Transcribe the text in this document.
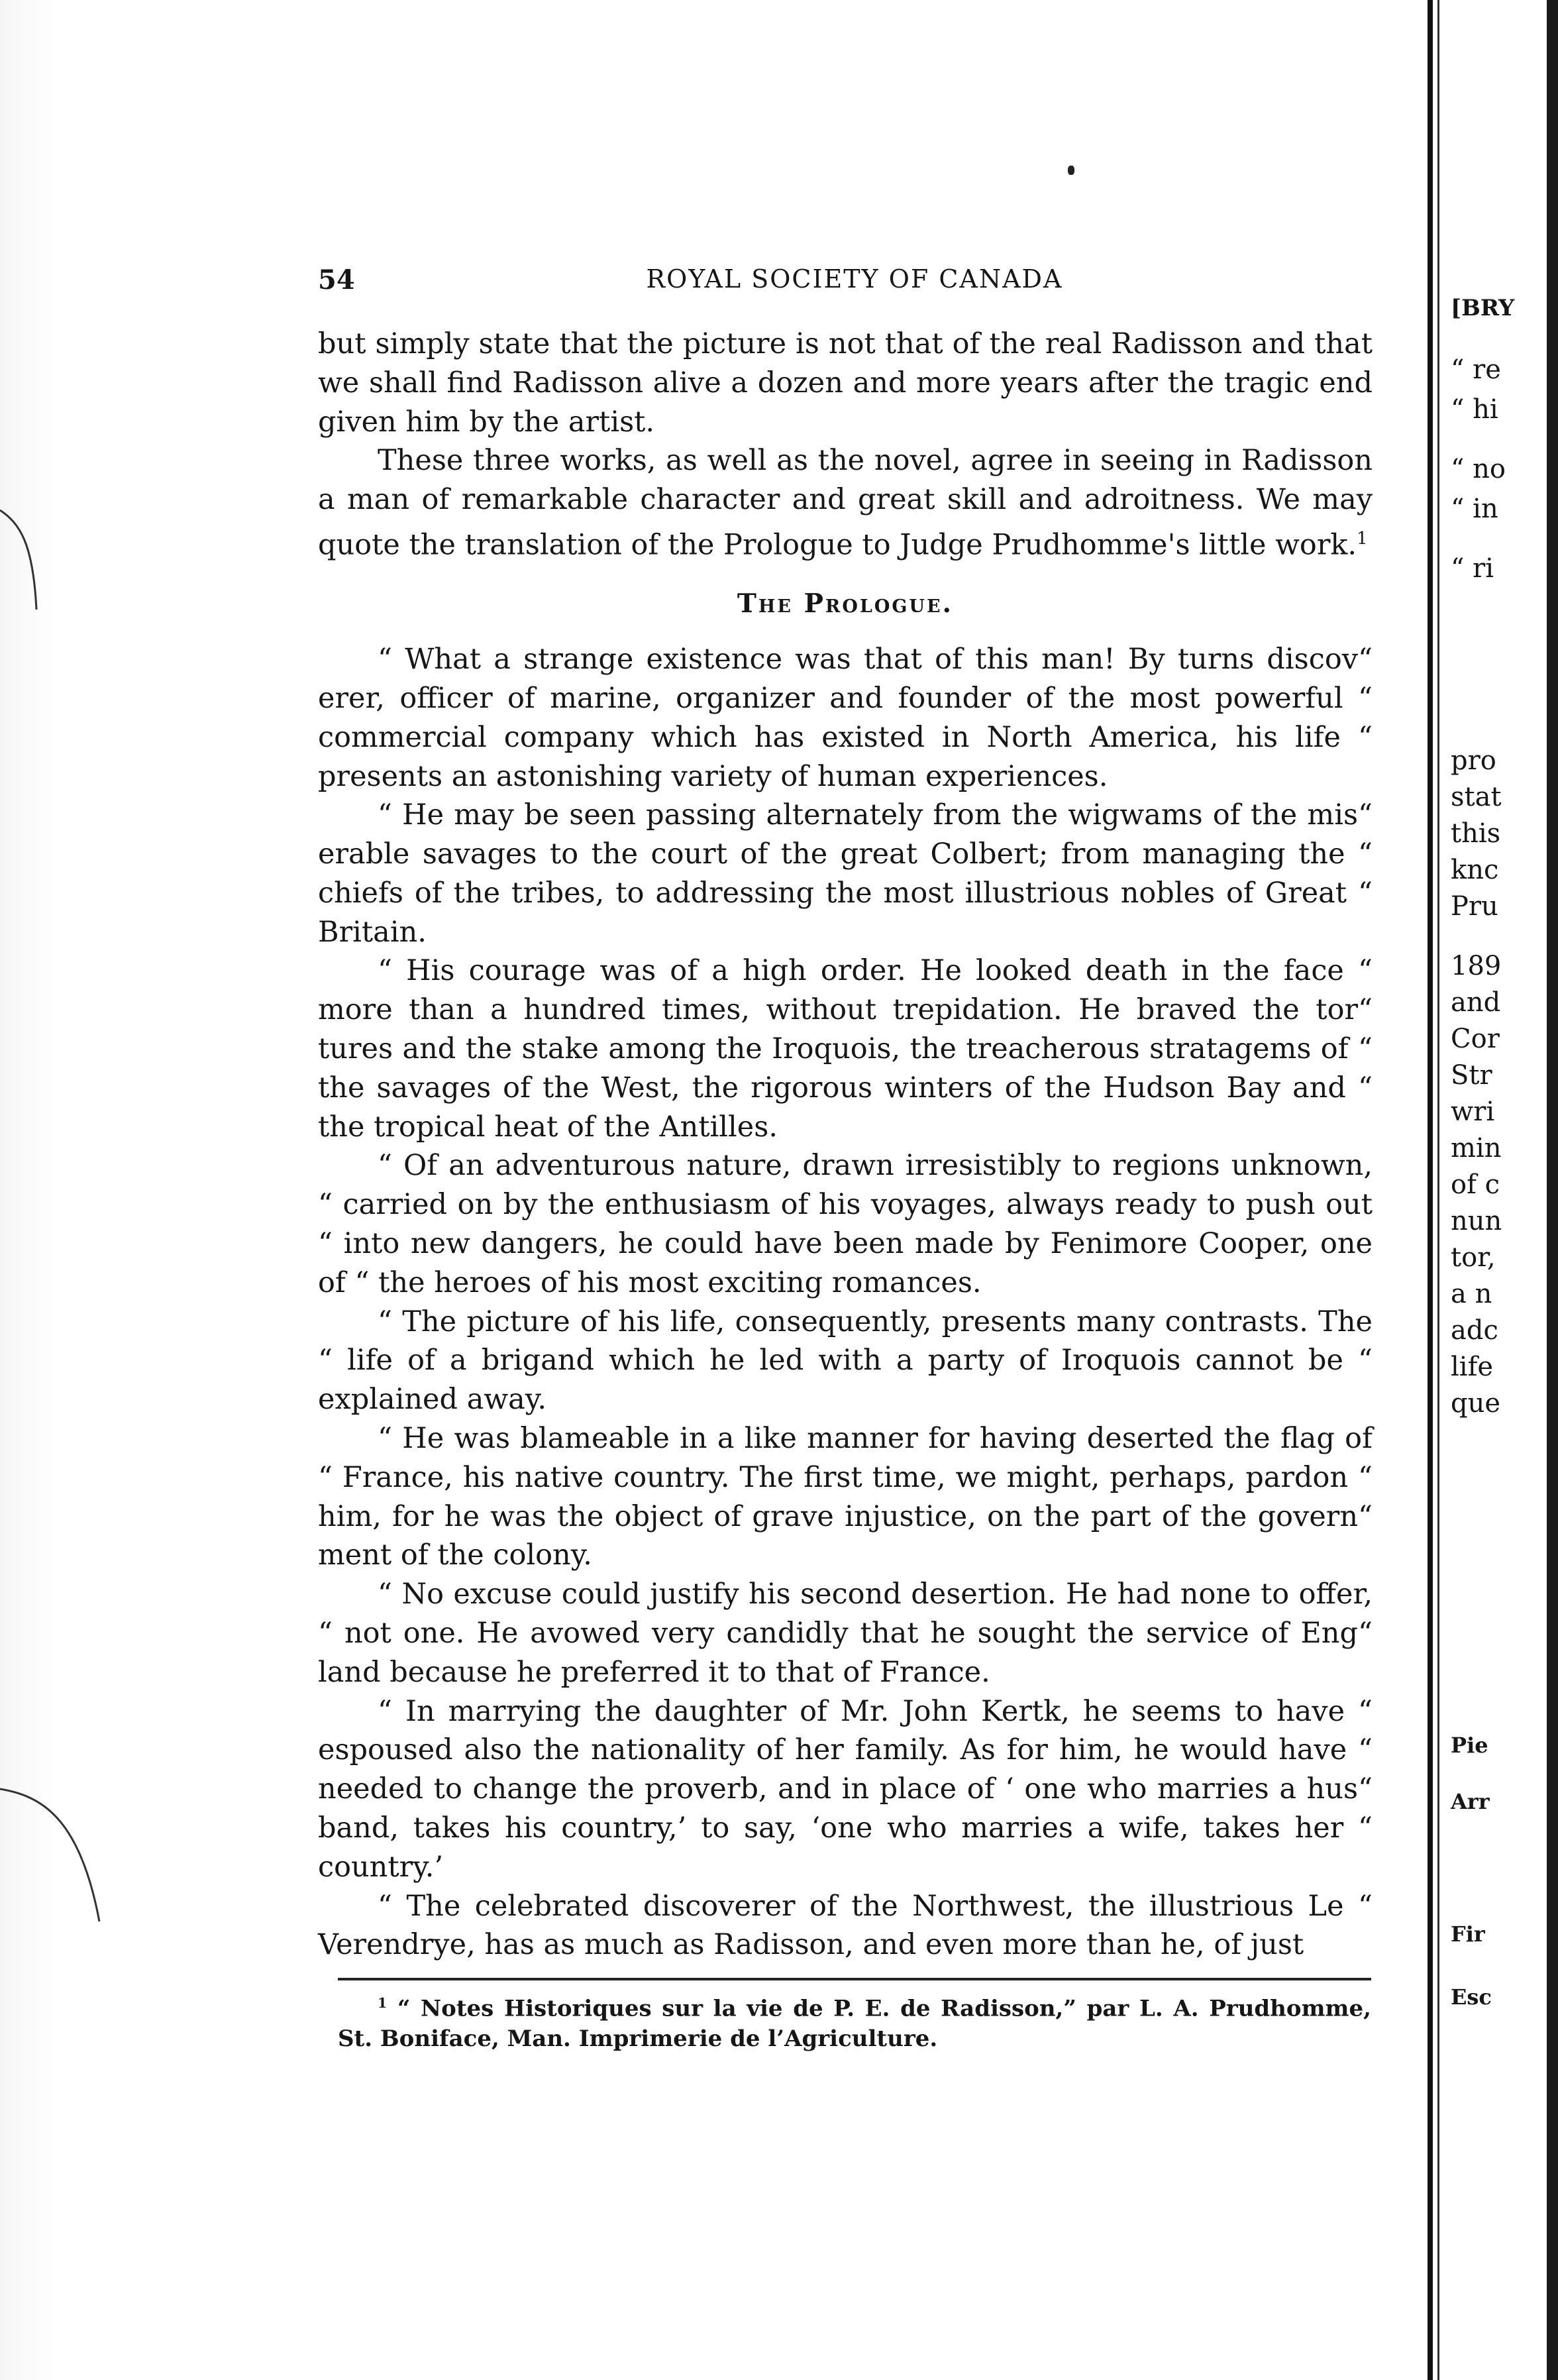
54	ROYAL SOCIETY OF CANADA

but simply state that the picture is not that of the real Radisson and that we shall find Radisson alive a dozen and more years after the tragic end given him by the artist.

These three works, as well as the novel, agree in seeing in Radisson a man of remarkable character and great skill and adroitness. We may quote the translation of the Prologue to Judge Prudhomme's little work.$^1$

The Prologue.

“ What a strange existence was that of this man! By turns discov“ erer, officer of marine, organizer and founder of the most powerful “ commercial company which has existed in North America, his life “ presents an astonishing variety of human experiences.

“ He may be seen passing alternately from the wigwams of the mis“ erable savages to the court of the great Colbert; from managing the “ chiefs of the tribes, to addressing the most illustrious nobles of Great “ Britain.

“ His courage was of a high order. He looked death in the face “ more than a hundred times, without trepidation. He braved the tor“ tures and the stake among the Iroquois, the treacherous stratagems of “ the savages of the West, the rigorous winters of the Hudson Bay and “ the tropical heat of the Antilles.

“ Of an adventurous nature, drawn irresistibly to regions unknown, “ carried on by the enthusiasm of his voyages, always ready to push out “ into new dangers, he could have been made by Fenimore Cooper, one of “ the heroes of his most exciting romances.

“ The picture of his life, consequently, presents many contrasts. The “ life of a brigand which he led with a party of Iroquois cannot be “ explained away.

“ He was blameable in a like manner for having deserted the flag of “ France, his native country. The first time, we might, perhaps, pardon “ him, for he was the object of grave injustice, on the part of the govern“ ment of the colony.

“ No excuse could justify his second desertion. He had none to offer, “ not one. He avowed very candidly that he sought the service of Eng“ land because he preferred it to that of France.

“ In marrying the daughter of Mr. John Kertk, he seems to have “ espoused also the nationality of her family. As for him, he would have “ needed to change the proverb, and in place of ‘ one who marries a hus“ band, takes his country,’ to say, ‘one who marries a wife, takes her “ country.’

“ The celebrated discoverer of the Northwest, the illustrious Le “ Verendrye, has as much as Radisson, and even more than he, of just

$^1$ “ Notes Historiques sur la vie de P. E. de Radisson,” par L. A. Prudhomme, St. Boniface, Man. Imprimerie de l’Agriculture.
[BRY
“ re
“ hi
“ no
“ in
“ ri
pro
stat
this
knc
Pru
189
and
Cor
Str
wri
min
of c
nun
tor,
a n
adc
life
que
Pie
Arr
Fir
Esc
